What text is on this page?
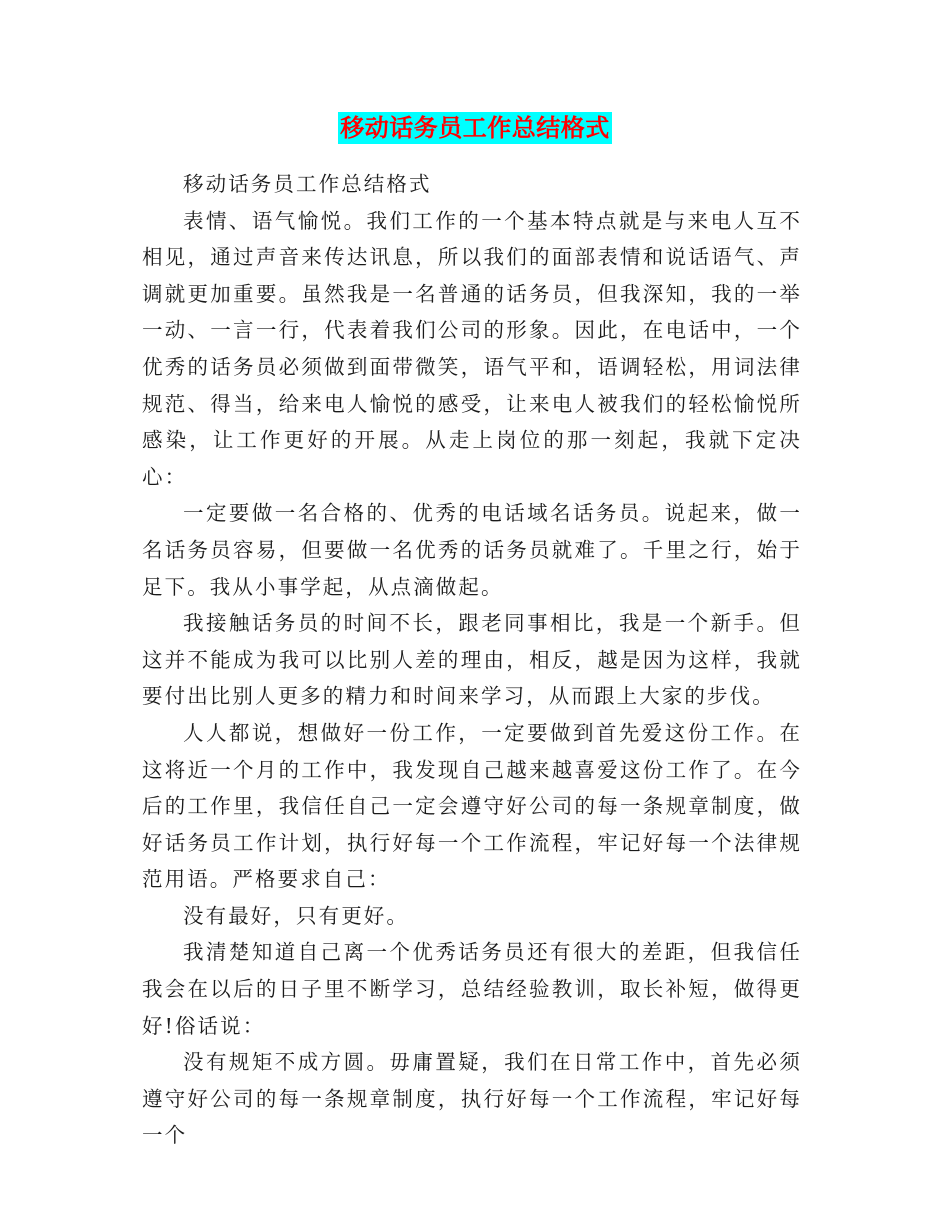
移动话务员工作总结格式

移动话务员工作总结格式

表情、语气愉悦。我们工作的一个基本特点就是与来电人互不相见，通过声音来传达讯息，所以我们的面部表情和说话语气、声调就更加重要。虽然我是一名普通的话务员，但我深知，我的一举一动、一言一行，代表着我们公司的形象。因此，在电话中，一个优秀的话务员必须做到面带微笑，语气平和，语调轻松，用词法律规范、得当，给来电人愉悦的感受，让来电人被我们的轻松愉悦所感染，让工作更好的开展。从走上岗位的那一刻起，我就下定决心：

一定要做一名合格的、优秀的电话域名话务员。说起来，做一名话务员容易，但要做一名优秀的话务员就难了。千里之行，始于足下。我从小事学起，从点滴做起。

我接触话务员的时间不长，跟老同事相比，我是一个新手。但这并不能成为我可以比别人差的理由，相反，越是因为这样，我就要付出比别人更多的精力和时间来学习，从而跟上大家的步伐。

人人都说，想做好一份工作，一定要做到首先爱这份工作。在这将近一个月的工作中，我发现自己越来越喜爱这份工作了。在今后的工作里，我信任自己一定会遵守好公司的每一条规章制度，做好话务员工作计划，执行好每一个工作流程，牢记好每一个法律规范用语。严格要求自己：

没有最好，只有更好。

我清楚知道自己离一个优秀话务员还有很大的差距，但我信任我会在以后的日子里不断学习，总结经验教训，取长补短，做得更好!俗话说：

没有规矩不成方圆。毋庸置疑，我们在日常工作中，首先必须遵守好公司的每一条规章制度，执行好每一个工作流程，牢记好每一个
